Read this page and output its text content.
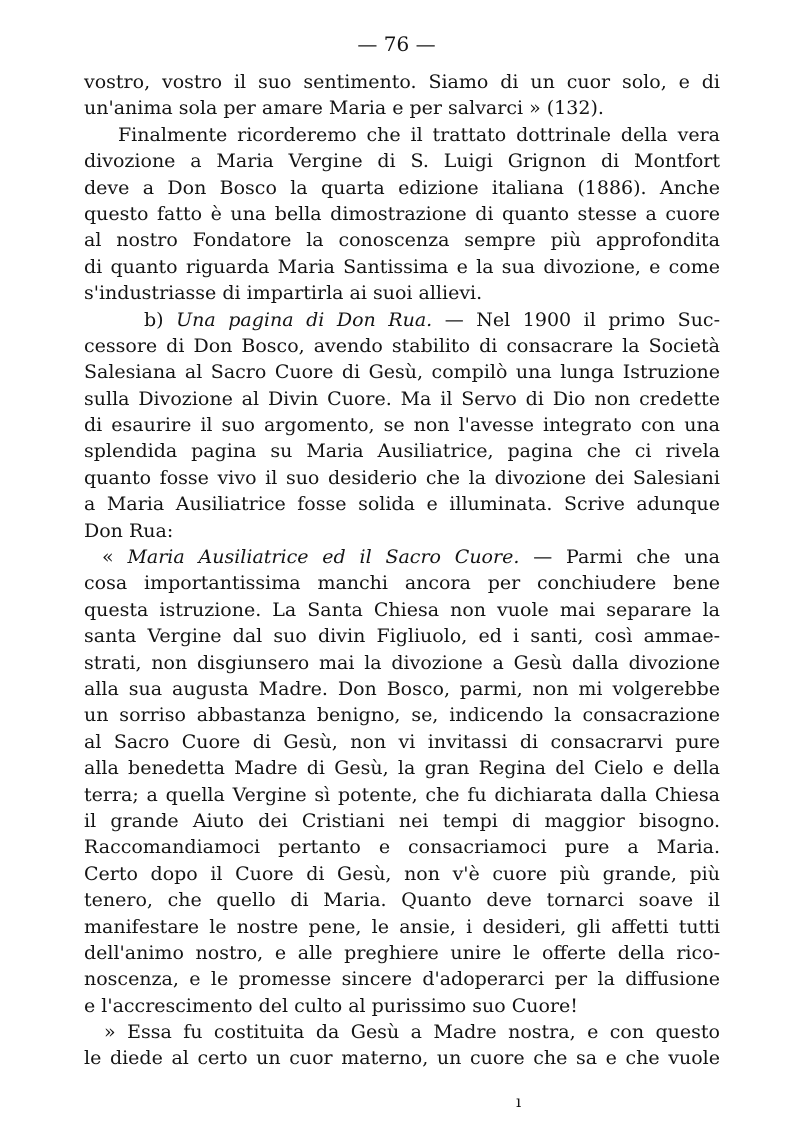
— 76 —
vostro, vostro il suo sentimento. Siamo di un cuor solo, e di
un'anima sola per amare Maria e per salvarci » (132).
Finalmente ricorderemo che il trattato dottrinale della vera
divozione a Maria Vergine di S. Luigi Grignon di Montfort
deve a Don Bosco la quarta edizione italiana (1886). Anche
questo fatto è una bella dimostrazione di quanto stesse a cuore
al nostro Fondatore la conoscenza sempre più approfondita
di quanto riguarda Maria Santissima e la sua divozione, e come
s'industriasse di impartirla ai suoi allievi.
b) Una pagina di Don Rua. — Nel 1900 il primo Suc-
cessore di Don Bosco, avendo stabilito di consacrare la Società
Salesiana al Sacro Cuore di Gesù, compilò una lunga Istruzione
sulla Divozione al Divin Cuore. Ma il Servo di Dio non credette
di esaurire il suo argomento, se non l'avesse integrato con una
splendida pagina su Maria Ausiliatrice, pagina che ci rivela
quanto fosse vivo il suo desiderio che la divozione dei Salesiani
a Maria Ausiliatrice fosse solida e illuminata. Scrive adunque
Don Rua:
« Maria Ausiliatrice ed il Sacro Cuore. — Parmi che una
cosa importantissima manchi ancora per conchiudere bene
questa istruzione. La Santa Chiesa non vuole mai separare la
santa Vergine dal suo divin Figliuolo, ed i santi, così ammae-
strati, non disgiunsero mai la divozione a Gesù dalla divozione
alla sua augusta Madre. Don Bosco, parmi, non mi volgerebbe
un sorriso abbastanza benigno, se, indicendo la consacrazione
al Sacro Cuore di Gesù, non vi invitassi di consacrarvi pure
alla benedetta Madre di Gesù, la gran Regina del Cielo e della
terra; a quella Vergine sì potente, che fu dichiarata dalla Chiesa
il grande Aiuto dei Cristiani nei tempi di maggior bisogno.
Raccomandiamoci pertanto e consacriamoci pure a Maria.
Certo dopo il Cuore di Gesù, non v'è cuore più grande, più
tenero, che quello di Maria. Quanto deve tornarci soave il
manifestare le nostre pene, le ansie, i desideri, gli affetti tutti
dell'animo nostro, e alle preghiere unire le offerte della rico-
noscenza, e le promesse sincere d'adoperarci per la diffusione
e l'accrescimento del culto al purissimo suo Cuore!
» Essa fu costituita da Gesù a Madre nostra, e con questo
le diede al certo un cuor materno, un cuore che sa e che vuole
ı
